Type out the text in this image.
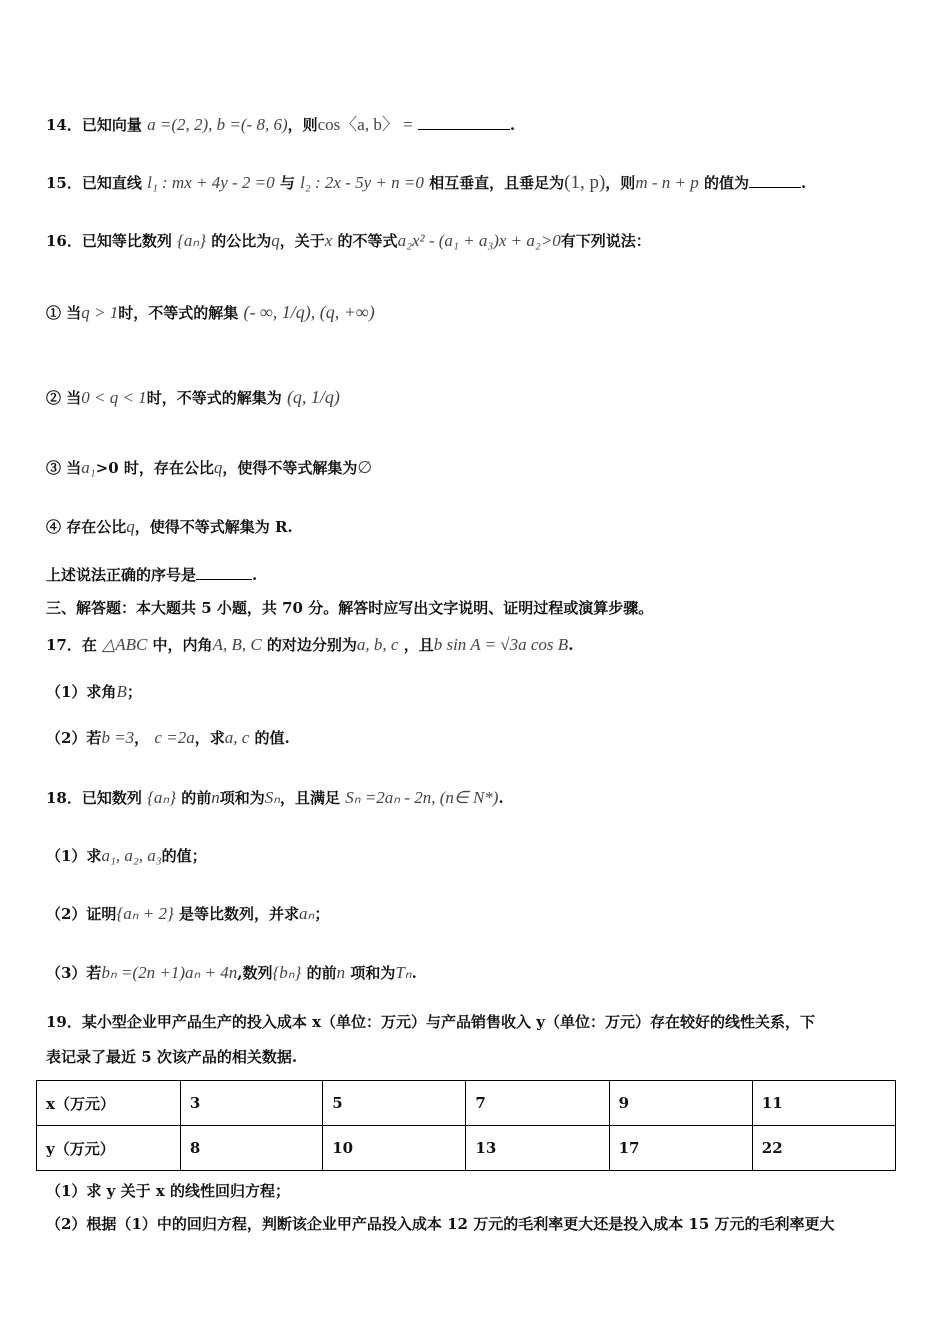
14．已知向量 a =(2, 2), b =(- 8, 6)，则cos〈a, b〉 =	.
15．已知直线 l₁ : mx + 4y - 2 =0 与 l₂ : 2x - 5y + n =0 相互垂直，且垂足为(1, p)，则m - n + p 的值为	.
16．已知等比数列 {aₙ} 的公比为q，关于x 的不等式a₂x² - (a₁ + a₃)x + a₂>0有下列说法：
① 当q > 1时，不等式的解集 (- ∞, 1/q), (q, +∞)
② 当0 < q < 1时，不等式的解集为 (q, 1/q)
③ 当a₁>0 时，存在公比q，使得不等式解集为∅
④ 存在公比q，使得不等式解集为 R.
上述说法正确的序号是	.
三、解答题：本大题共 5 小题，共 70 分。解答时应写出文字说明、证明过程或演算步骤。
17．在 △ABC 中，内角A, B, C 的对边分别为a, b, c ，且b sin A = √3a cos B.
（1）求角B；
（2）若b =3， c =2a，求a, c 的值.
18．已知数列 {aₙ} 的前n项和为Sₙ，且满足 Sₙ =2aₙ - 2n, (n∈ N*).
（1）求a₁, a₂, a₃的值；
（2）证明{aₙ + 2} 是等比数列，并求aₙ；
（3）若bₙ =(2n +1)aₙ + 4n,数列{bₙ} 的前n 项和为Tₙ.
19．某小型企业甲产品生产的投入成本 x（单位：万元）与产品销售收入 y（单位：万元）存在较好的线性关系，下
表记录了最近 5 次该产品的相关数据.
x（万元）	3	5	7	9	11
y（万元）	8	10	13	17	22
（1）求 y 关于 x 的线性回归方程；
（2）根据（1）中的回归方程，判断该企业甲产品投入成本 12 万元的毛利率更大还是投入成本 15 万元的毛利率更大
